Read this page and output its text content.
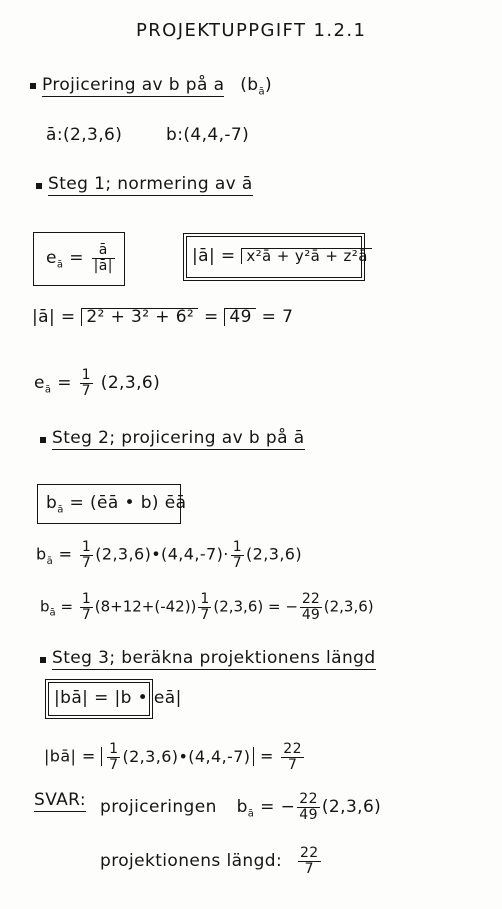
PROJEKTUPPGIFT 1.2.1
Projicering av b på a $(b_ā)$
ā:(2,3,6)	b:(4,4,-7)
Steg 1; normering av ā
$e_ā = \frac{ā}{|ā|}$	|ā| = x²ā + y²ā + z²ā
|ā| = 2² + 3² + 6² = 49 = 7
$e_ā = \frac{1}{7} (2,3,6)$
Steg 2; projicering av b på ā
$b_ā$ = (ēā • b) ēā
$b_ā = \frac{1}{7}$ (2,3,6)•(4,4,-7)· $\frac{1}{7} (2,3,6)$
$b_ā = \frac{1}{7} (8+12+(-42)) \frac{1}{7} (2,3,6)$ = − $\frac{22}{49} (2,3,6)$
Steg 3; beräkna projektionens längd
|bā| = |b • eā|
|bā| = $\frac{1}{7}$ (2,3,6)•(4,4,-7) = $\frac{22}{7}$
SVAR: projiceringen $b_ā$ = − $\frac{22}{49} (2,3,6)$
projektionens längd: $\frac{22}{7}$
